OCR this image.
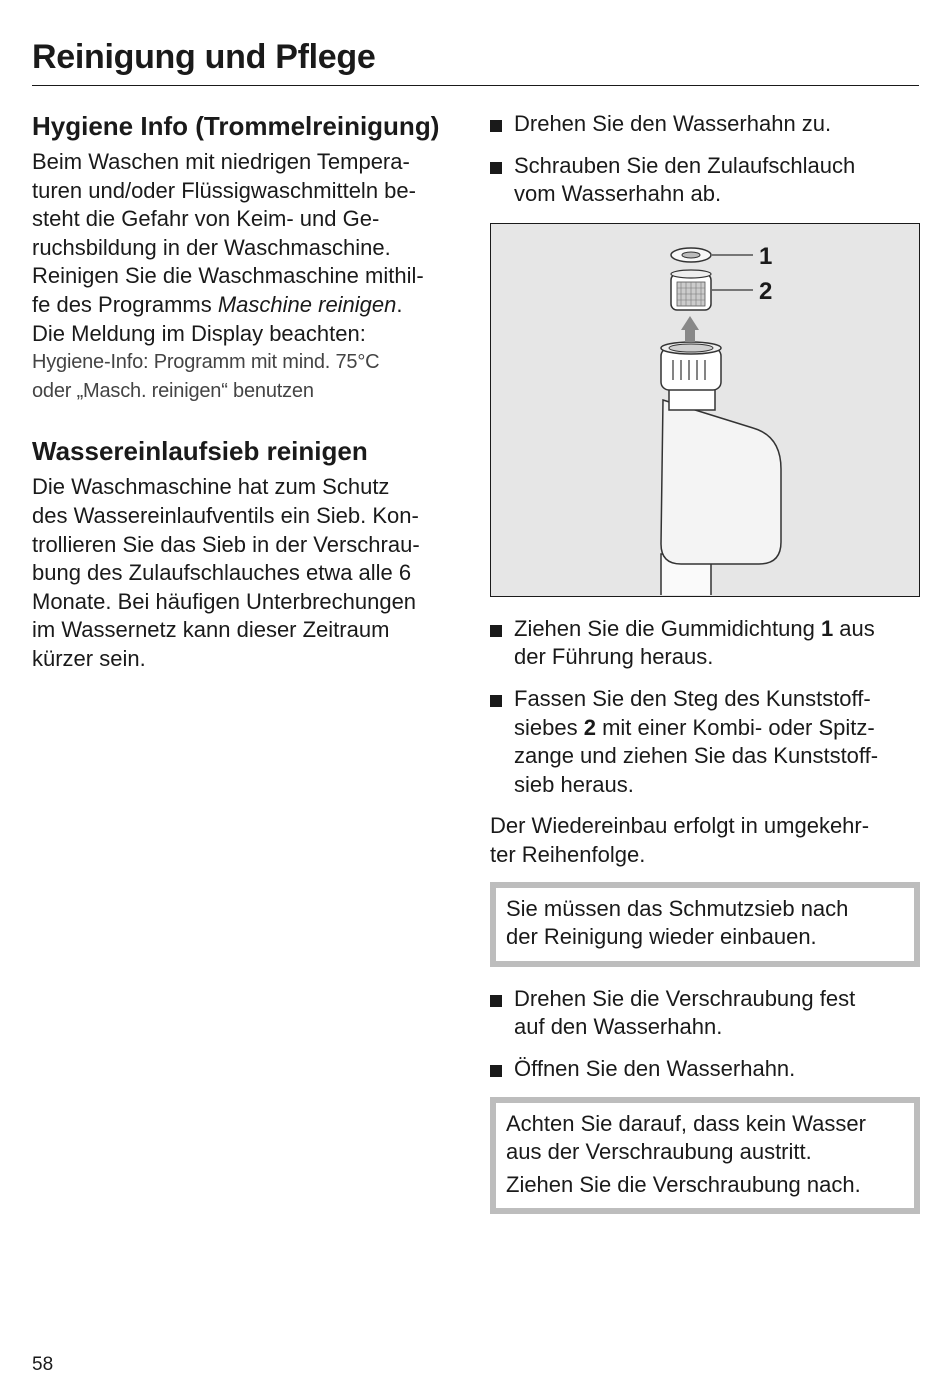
Reinigung und Pflege
Hygiene Info (Trommelreinigung)

Beim Waschen mit niedrigen Tempera-
turen und/oder Flüssigwaschmitteln be-
steht die Gefahr von Keim- und Ge-
ruchsbildung in der Waschmaschine.
Reinigen Sie die Waschmaschine mithil-
fe des Programms Maschine reinigen.
Die Meldung im Display beachten:

Hygiene-Info: Programm mit mind. 75°C
oder „Masch. reinigen“ benutzen
Wassereinlaufsieb reinigen

Die Waschmaschine hat zum Schutz
des Wassereinlaufventils ein Sieb. Kon-
trollieren Sie das Sieb in der Verschrau-
bung des Zulaufschlauches etwa alle 6
Monate. Bei häufigen Unterbrechungen
im Wassernetz kann dieser Zeitraum
kürzer sein.

Drehen Sie den Wasserhahn zu.
Schrauben Sie den Zulaufschlauch
vom Wasserhahn ab.
1
2
Ziehen Sie die Gummidichtung 1 aus
der Führung heraus.
Fassen Sie den Steg des Kunststoff-
siebes 2 mit einer Kombi- oder Spitz-
zange und ziehen Sie das Kunststoff-
sieb heraus.

Der Wiedereinbau erfolgt in umgekehr-
ter Reihenfolge.

Sie müssen das Schmutzsieb nach
der Reinigung wieder einbauen.

Drehen Sie die Verschraubung fest
auf den Wasserhahn.
Öffnen Sie den Wasserhahn.

Achten Sie darauf, dass kein Wasser
aus der Verschraubung austritt.

Ziehen Sie die Verschraubung nach.

58
